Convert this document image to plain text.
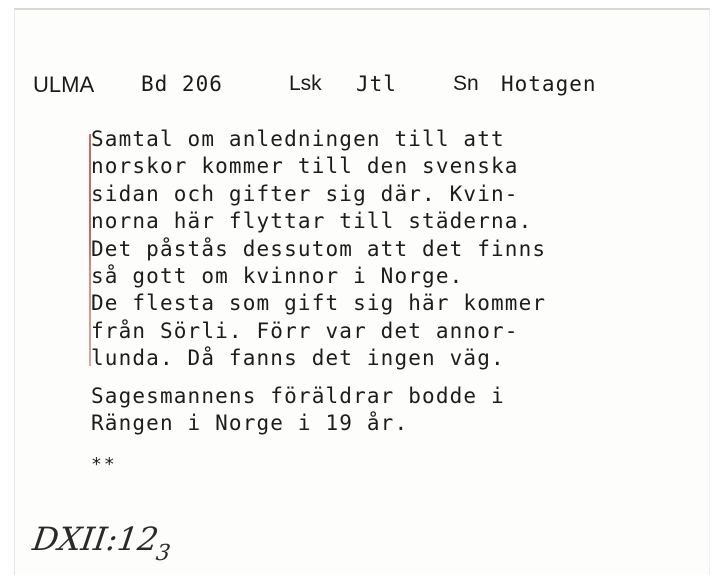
ULMA Bd 206	Lsk Jtl	Sn Hotagen
Samtal om anledningen till att
norskor kommer till den svenska
sidan och gifter sig där. Kvin-
norna här flyttar till städerna.
Det påstås dessutom att det finns
så gott om kvinnor i Norge.
De flesta som gift sig här kommer
från Sörli. Förr var det annor-
lunda. Då fanns det ingen väg.
Sagesmannens föräldrar bodde i
Rängen i Norge i 19 år.
**
$DXII:12_3$
